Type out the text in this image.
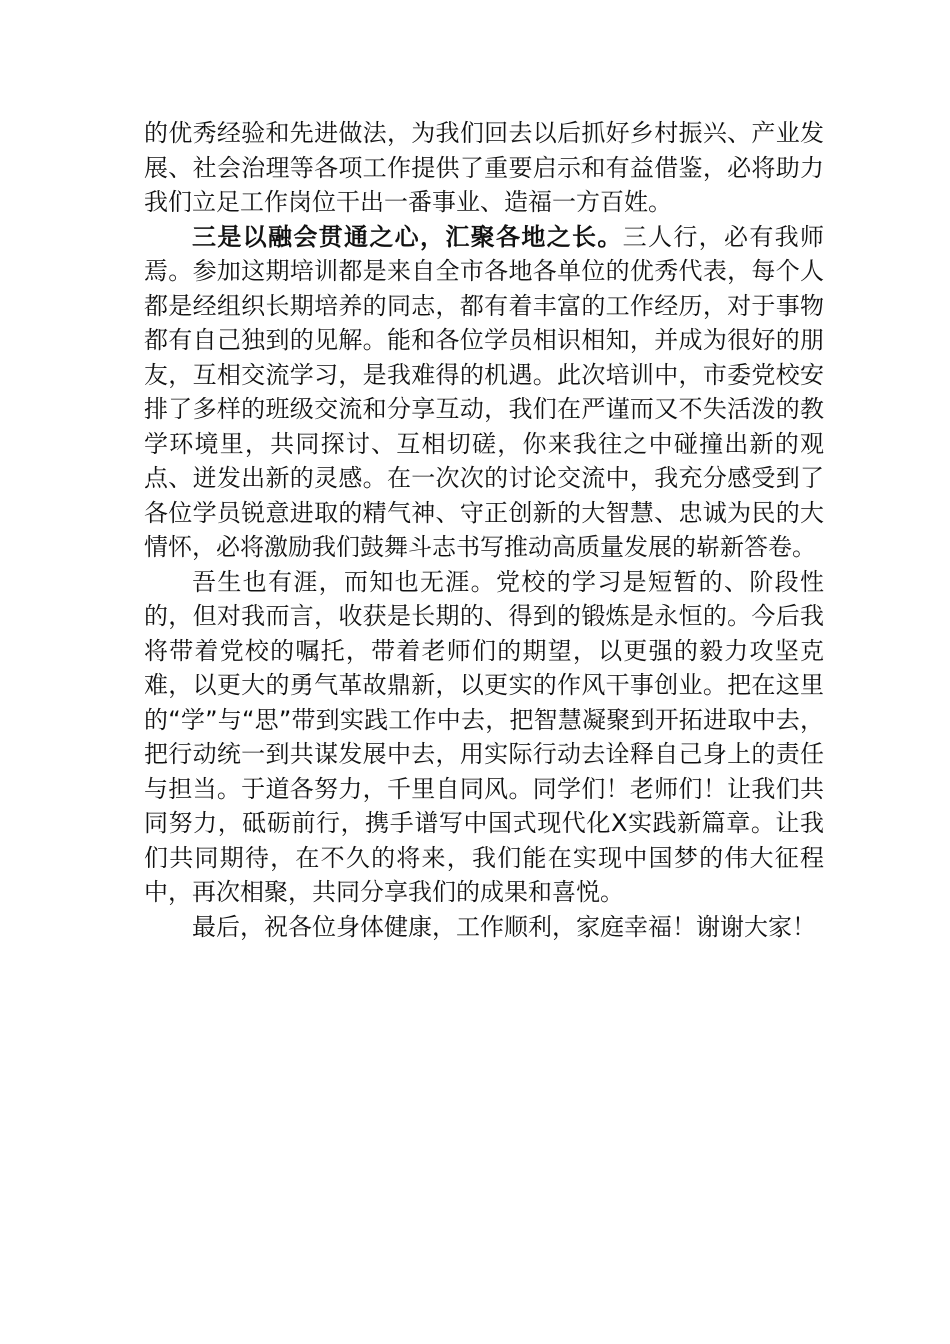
的优秀经验和先进做法，为我们回去以后抓好乡村振兴、产业发展、社会治理等各项工作提供了重要启示和有益借鉴，必将助力我们立足工作岗位干出一番事业、造福一方百姓。

三是以融会贯通之心，汇聚各地之长。三人行，必有我师焉。参加这期培训都是来自全市各地各单位的优秀代表，每个人都是经组织长期培养的同志，都有着丰富的工作经历，对于事物都有自己独到的见解。能和各位学员相识相知，并成为很好的朋友，互相交流学习，是我难得的机遇。此次培训中，市委党校安排了多样的班级交流和分享互动，我们在严谨而又不失活泼的教学环境里，共同探讨、互相切磋，你来我往之中碰撞出新的观点、迸发出新的灵感。在一次次的讨论交流中，我充分感受到了各位学员锐意进取的精气神、守正创新的大智慧、忠诚为民的大情怀，必将激励我们鼓舞斗志书写推动高质量发展的崭新答卷。

吾生也有涯，而知也无涯。党校的学习是短暂的、阶段性的，但对我而言，收获是长期的、得到的锻炼是永恒的。今后我将带着党校的嘱托，带着老师们的期望，以更强的毅力攻坚克难，以更大的勇气革故鼎新，以更实的作风干事创业。把在这里的“学”与“思”带到实践工作中去，把智慧凝聚到开拓进取中去，把行动统一到共谋发展中去，用实际行动去诠释自己身上的责任与担当。于道各努力，千里自同风。同学们！老师们！让我们共同努力，砥砺前行，携手谱写中国式现代化X实践新篇章。让我们共同期待，在不久的将来，我们能在实现中国梦的伟大征程中，再次相聚，共同分享我们的成果和喜悦。

最后，祝各位身体健康，工作顺利，家庭幸福！谢谢大家！
